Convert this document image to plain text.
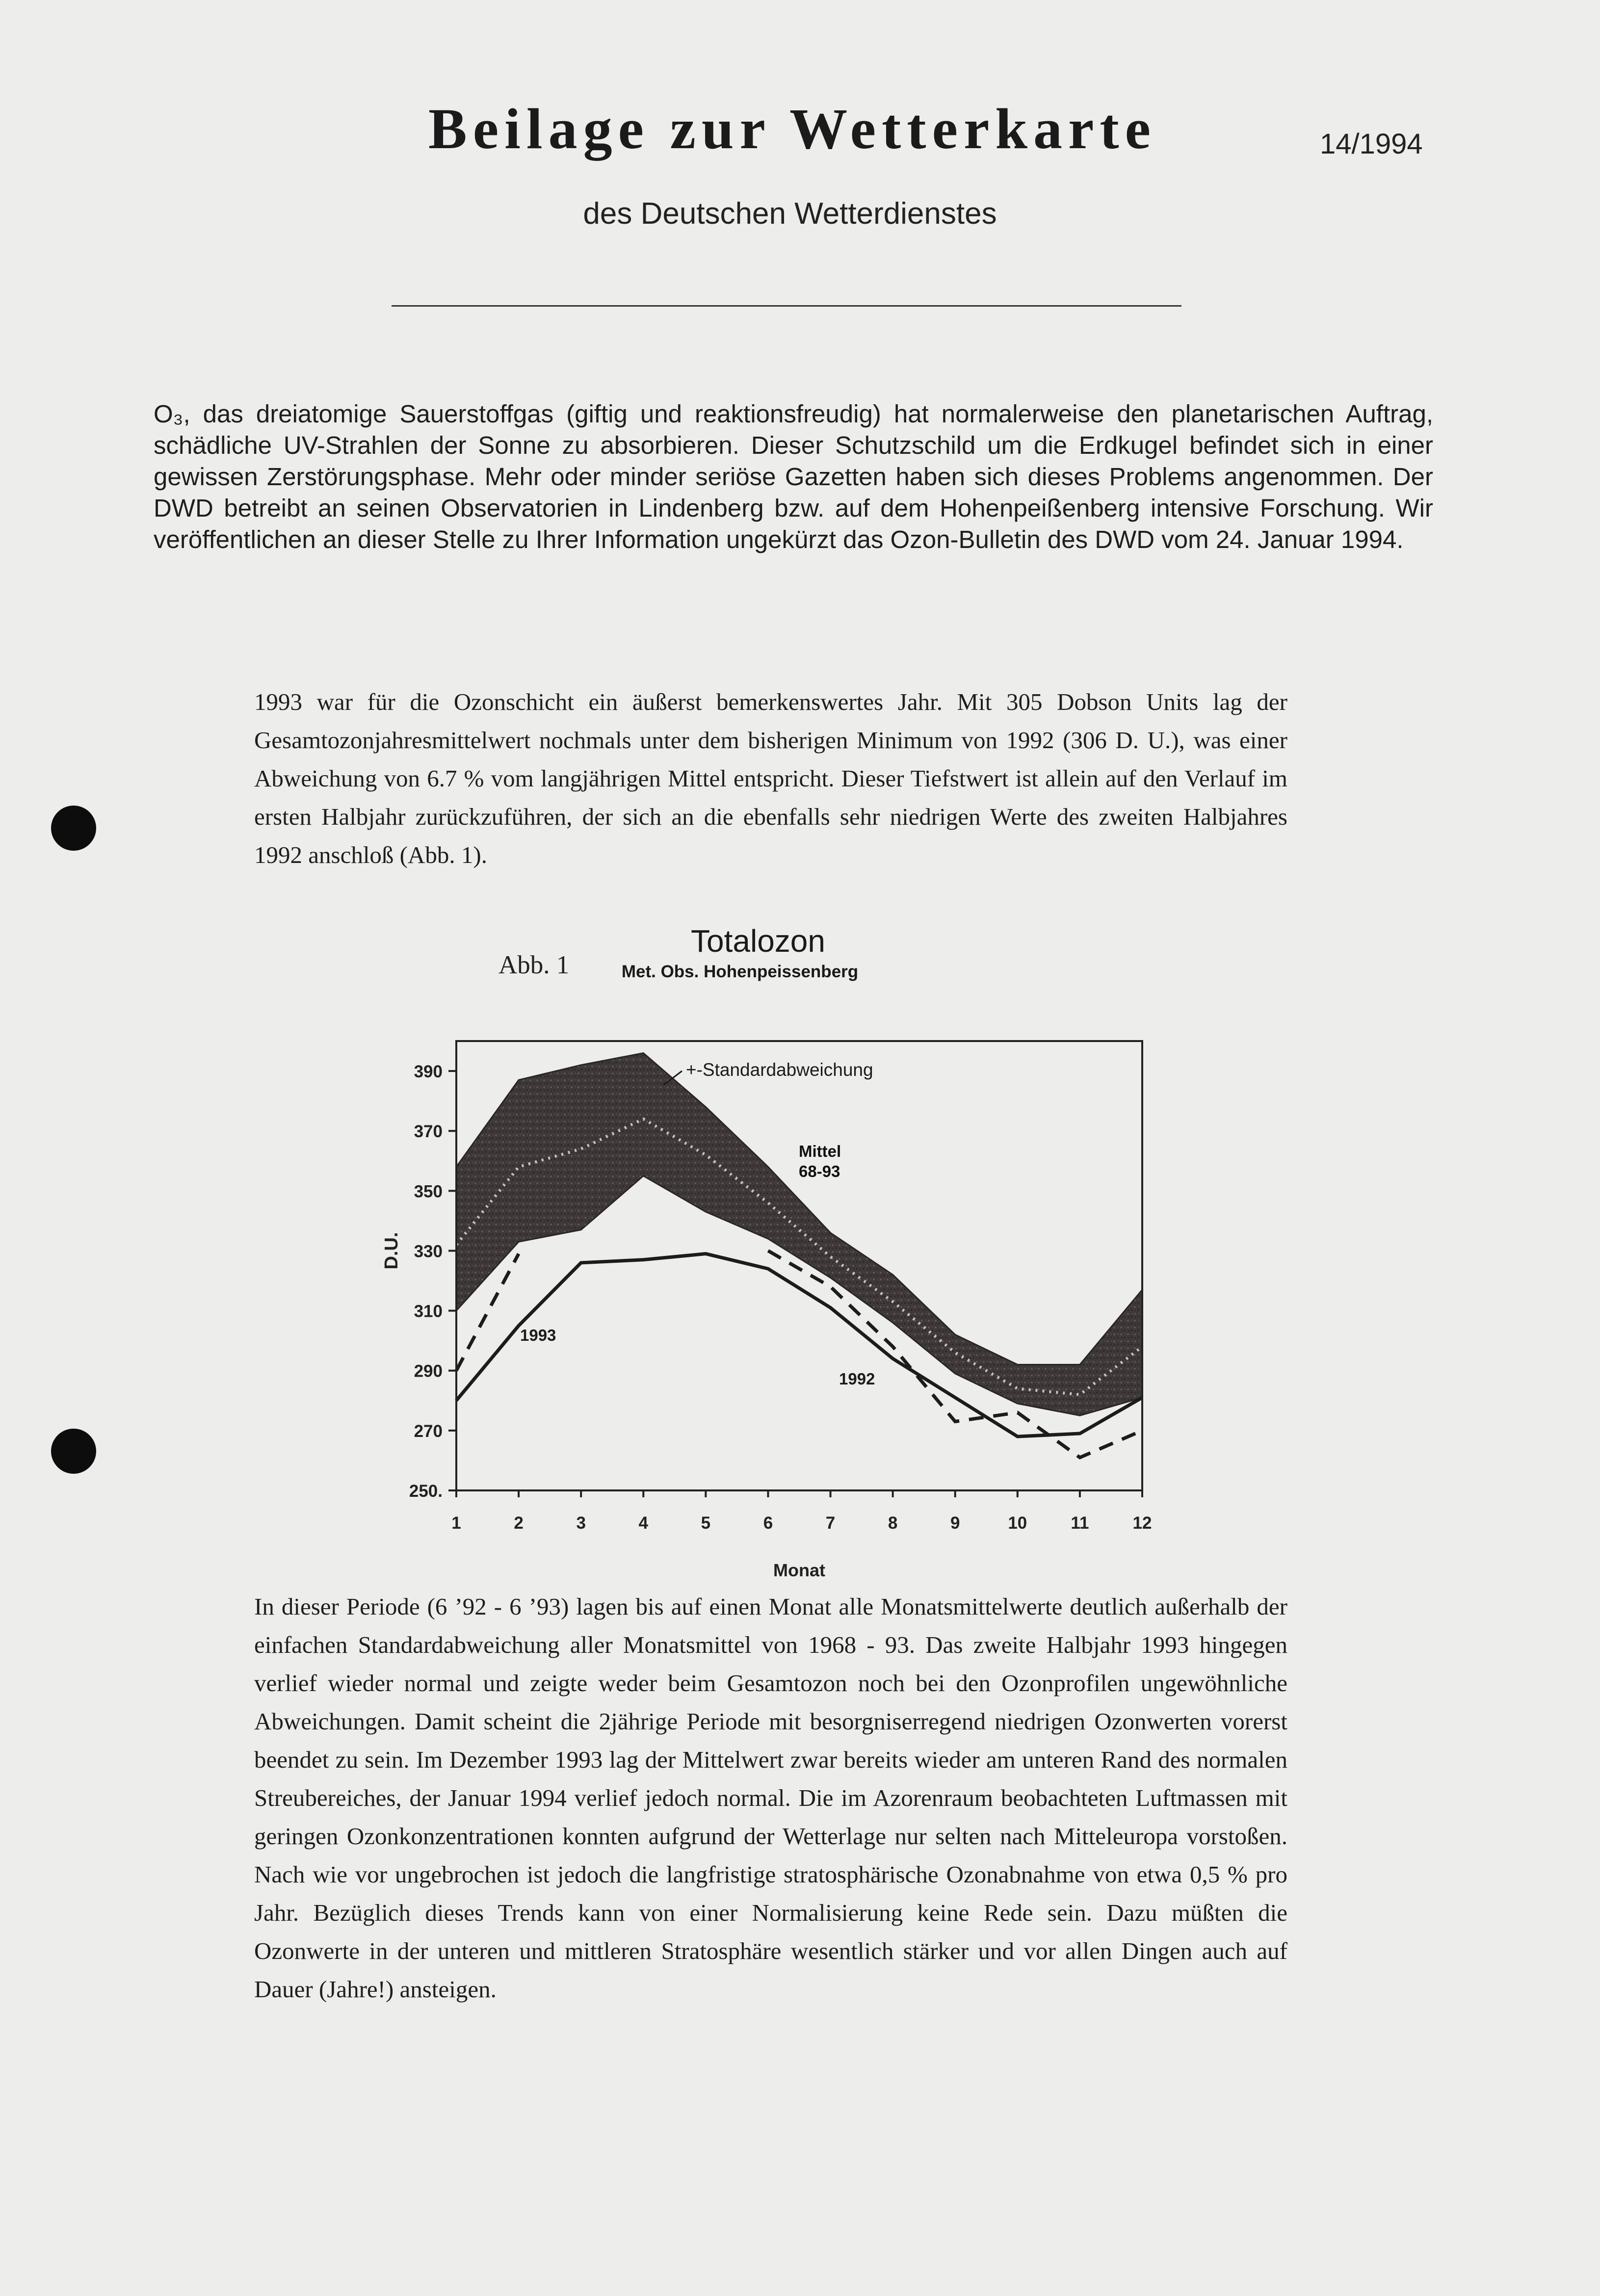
Beilage zur Wetterkarte	14/1994
des Deutschen Wetterdienstes
O₃, das dreiatomige Sauerstoffgas (giftig und reaktionsfreudig) hat normalerweise den planetarischen Auftrag, schädliche UV-Strahlen der Sonne zu absorbieren. Dieser Schutzschild um die Erdkugel befindet sich in einer gewissen Zerstörungsphase. Mehr oder minder seriöse Gazetten haben sich dieses Problems angenommen. Der DWD betreibt an seinen Observatorien in Lindenberg bzw. auf dem Hohenpeißenberg intensive Forschung. Wir veröffentlichen an dieser Stelle zu Ihrer Information ungekürzt das Ozon-Bulletin des DWD vom 24. Januar 1994.
1993 war für die Ozonschicht ein äußerst bemerkenswertes Jahr. Mit 305 Dobson Units lag der Gesamtozonjahresmittelwert nochmals unter dem bisherigen Minimum von 1992 (306 D. U.), was einer Abweichung von 6.7 % vom langjährigen Mittel entspricht. Dieser Tiefstwert ist allein auf den Verlauf im ersten Halbjahr zurückzuführen, der sich an die ebenfalls sehr niedrigen Werte des zweiten Halbjahres 1992 anschloß (Abb. 1).
Abb. 1
Totalozon
Met. Obs. Hohenpeissenberg
250.
270
290
310
330
350
370
390
1	2	3	4	5	6	7	8	9	10	11	12
Monat
D.U.
+-Standardabweichung
Mittel
68-93
1993
1992
In dieser Periode (6 ’92 - 6 ’93) lagen bis auf einen Monat alle Monatsmittelwerte deutlich außerhalb der einfachen Standardabweichung aller Monatsmittel von 1968 - 93. Das zweite Halbjahr 1993 hingegen verlief wieder normal und zeigte weder beim Gesamtozon noch bei den Ozonprofilen ungewöhnliche Abweichungen. Damit scheint die 2jährige Periode mit besorgniserregend niedrigen Ozonwerten vorerst beendet zu sein. Im Dezember 1993 lag der Mittelwert zwar bereits wieder am unteren Rand des normalen Streubereiches, der Januar 1994 verlief jedoch normal. Die im Azorenraum beobachteten Luftmassen mit geringen Ozonkonzentrationen konnten aufgrund der Wetterlage nur selten nach Mitteleuropa vorstoßen. Nach wie vor ungebrochen ist jedoch die langfristige stratosphärische Ozonabnahme von etwa 0,5 % pro Jahr. Bezüglich dieses Trends kann von einer Normalisierung keine Rede sein. Dazu müßten die Ozonwerte in der unteren und mittleren Stratosphäre wesentlich stärker und vor allen Dingen auch auf Dauer (Jahre!) ansteigen.
